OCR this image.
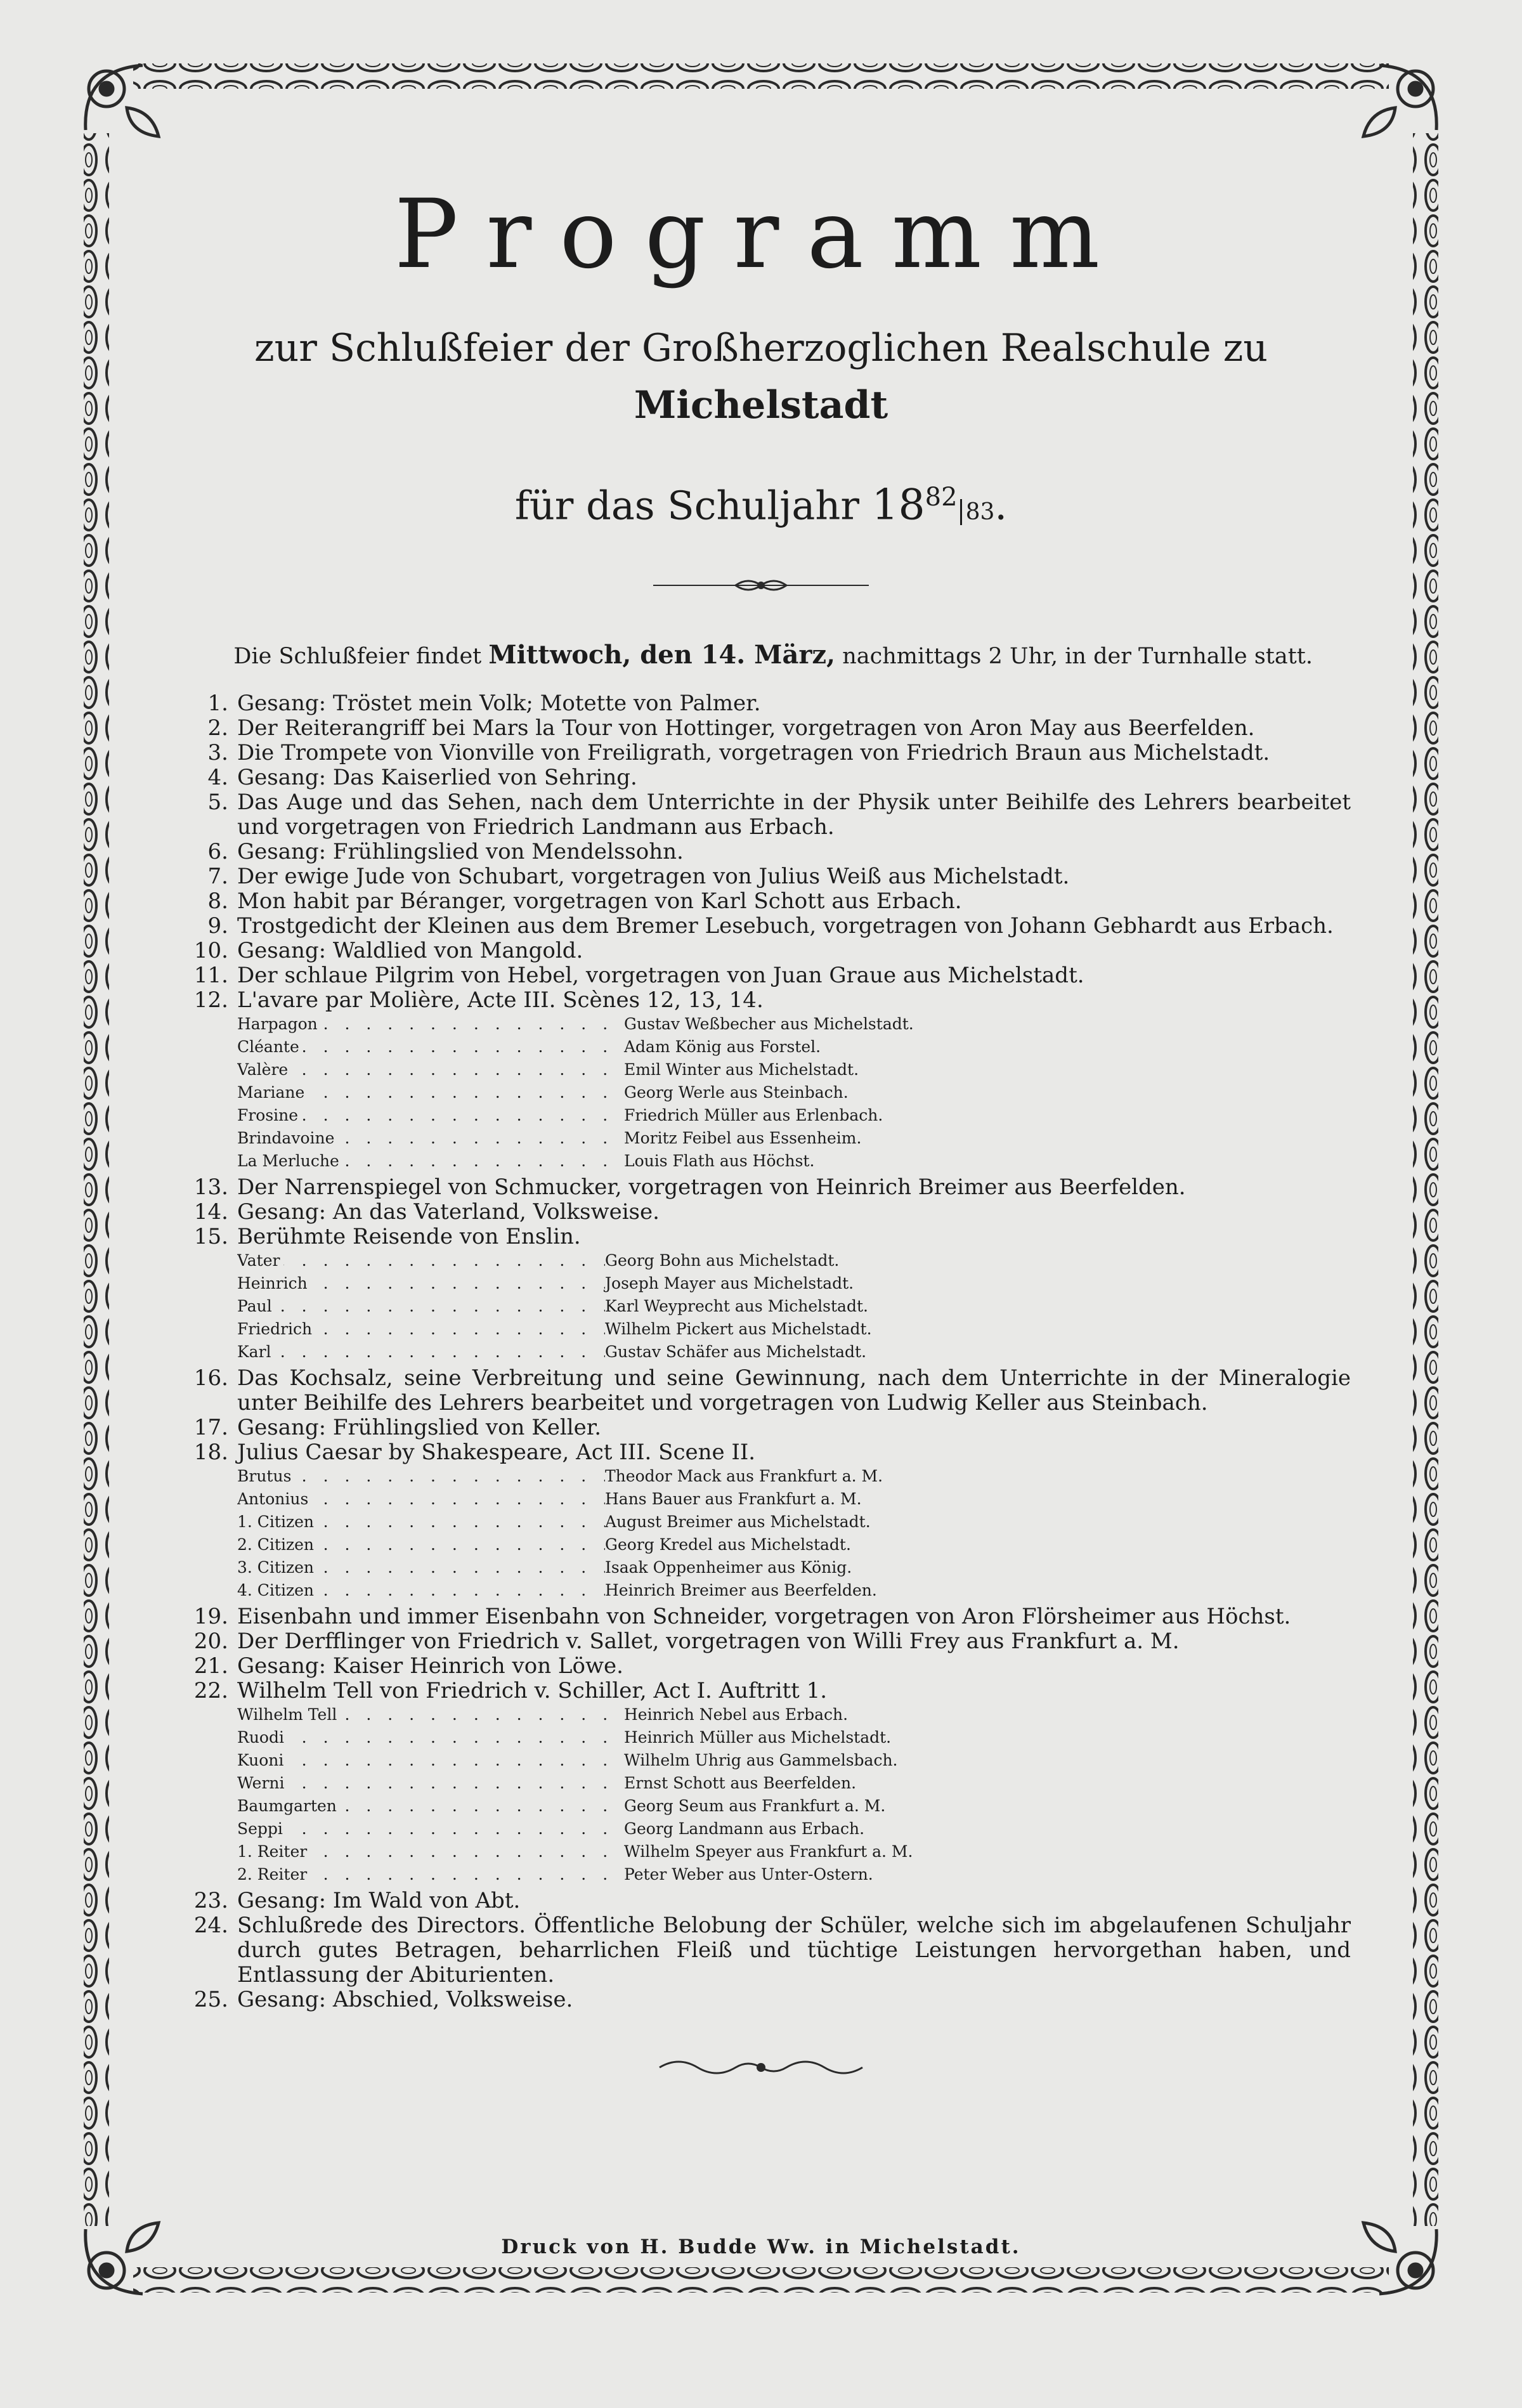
Programm

zur Schlußfeier der Großherzoglichen Realschule zu Michelstadt

für das Schuljahr $18^{82}83$.

Die Schlußfeier findet Mittwoch, den 14. März, nachmittags 2 Uhr, in der Turnhalle statt.

1. Gesang: Tröstet mein Volk; Motette von Palmer.
2. Der Reiterangriff bei Mars la Tour von Hottinger, vorgetragen von Aron May aus Beerfelden.
3. Die Trompete von Vionville von Freiligrath, vorgetragen von Friedrich Braun aus Michelstadt.
4. Gesang: Das Kaiserlied von Sehring.
5. Das Auge und das Sehen, nach dem Unterrichte in der Physik unter Beihilfe des Lehrers bearbeitet und vorgetragen von Friedrich Landmann aus Erbach.
6. Gesang: Frühlingslied von Mendelssohn.
7. Der ewige Jude von Schubart, vorgetragen von Julius Weiß aus Michelstadt.
8. Mon habit par Béranger, vorgetragen von Karl Schott aus Erbach.
9. Trostgedicht der Kleinen aus dem Bremer Lesebuch, vorgetragen von Johann Gebhardt aus Erbach.
10. Gesang: Waldlied von Mangold.
11. Der schlaue Pilgrim von Hebel, vorgetragen von Juan Graue aus Michelstadt.
12. L'avare par Molière, Acte III. Scènes 12, 13, 14.
Harpagon . . .	Gustav Weßbecher aus Michelstadt.
Cléante . . .	Adam König aus Forstel.
Valère . . .	Emil Winter aus Michelstadt.
Mariane . . .	Georg Werle aus Steinbach.
Frosine . . .	Friedrich Müller aus Erlenbach.
Brindavoine . . .	Moritz Feibel aus Essenheim.
La Merluche . . .	Louis Flath aus Höchst.
13. Der Narrenspiegel von Schmucker, vorgetragen von Heinrich Breimer aus Beerfelden.
14. Gesang: An das Vaterland, Volksweise.
15. Berühmte Reisende von Enslin.
Vater . . .	Georg Bohn aus Michelstadt.
Heinrich . . .	Joseph Mayer aus Michelstadt.
Paul . . .	Karl Weyprecht aus Michelstadt.
Friedrich . . .	Wilhelm Pickert aus Michelstadt.
Karl . . .	Gustav Schäfer aus Michelstadt.
16. Das Kochsalz, seine Verbreitung und seine Gewinnung, nach dem Unterrichte in der Mineralogie unter Beihilfe des Lehrers bearbeitet und vorgetragen von Ludwig Keller aus Steinbach.
17. Gesang: Frühlingslied von Keller.
18. Julius Caesar by Shakespeare, Act III. Scene II.
Brutus . . .	Theodor Mack aus Frankfurt a. M.
Antonius . . .	Hans Bauer aus Frankfurt a. M.
1. Citizen . . .	August Breimer aus Michelstadt.
2. Citizen . . .	Georg Kredel aus Michelstadt.
3. Citizen . . .	Isaak Oppenheimer aus König.
4. Citizen . . .	Heinrich Breimer aus Beerfelden.
19. Eisenbahn und immer Eisenbahn von Schneider, vorgetragen von Aron Flörsheimer aus Höchst.
20. Der Derfflinger von Friedrich v. Sallet, vorgetragen von Willi Frey aus Frankfurt a. M.
21. Gesang: Kaiser Heinrich von Löwe.
22. Wilhelm Tell von Friedrich v. Schiller, Act I. Auftritt 1.
Wilhelm Tell . . .	Heinrich Nebel aus Erbach.
Ruodi . . .	Heinrich Müller aus Michelstadt.
Kuoni . . .	Wilhelm Uhrig aus Gammelsbach.
Werni . . .	Ernst Schott aus Beerfelden.
Baumgarten . . .	Georg Seum aus Frankfurt a. M.
Seppi . . .	Georg Landmann aus Erbach.
1. Reiter . . .	Wilhelm Speyer aus Frankfurt a. M.
2. Reiter . . .	Peter Weber aus Unter-Ostern.
23. Gesang: Im Wald von Abt.
24. Schlußrede des Directors. Öffentliche Belobung der Schüler, welche sich im abgelaufenen Schuljahr durch gutes Betragen, beharrlichen Fleiß und tüchtige Leistungen hervorgethan haben, und Entlassung der Abiturienten.
25. Gesang: Abschied, Volksweise.
Druck von H. Budde Ww. in Michelstadt.
